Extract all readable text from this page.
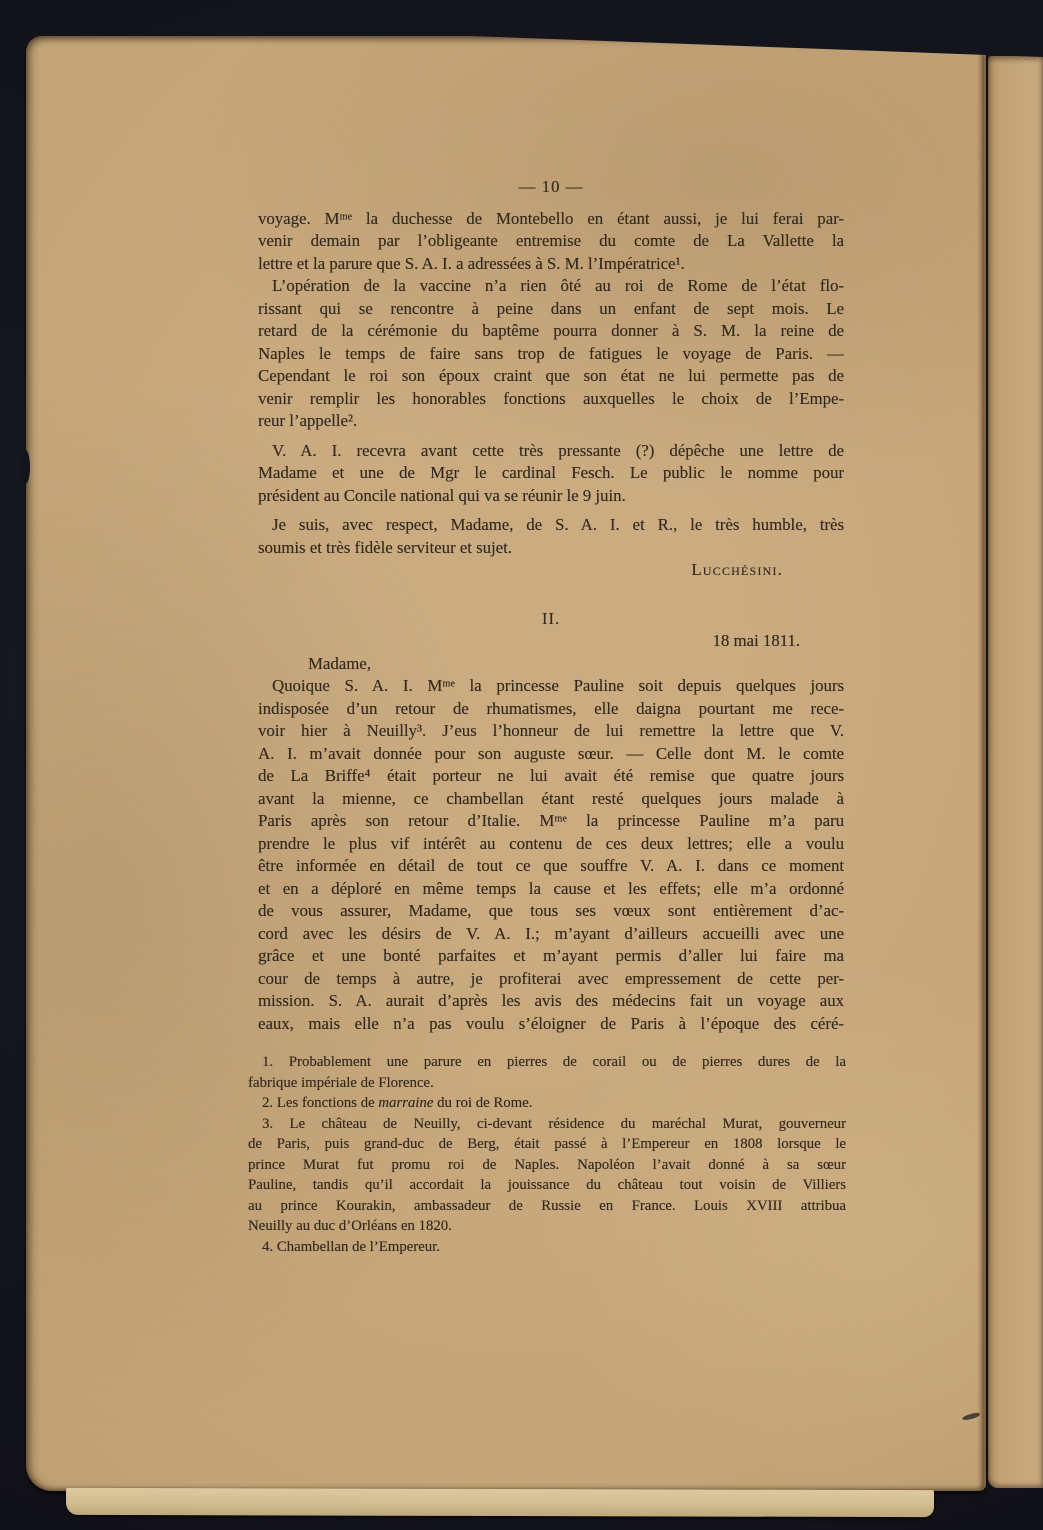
— 10 —
voyage. Mᵐᵉ la duchesse de Montebello en étant aussi, je lui ferai par-
venir demain par l’obligeante entremise du comte de La Vallette la
lettre et la parure que S. A. I. a adressées à S. M. l’Impératrice¹.
L’opération de la vaccine n’a rien ôté au roi de Rome de l’état flo-
rissant qui se rencontre à peine dans un enfant de sept mois. Le
retard de la cérémonie du baptême pourra donner à S. M. la reine de
Naples le temps de faire sans trop de fatigues le voyage de Paris. —
Cependant le roi son époux craint que son état ne lui permette pas de
venir remplir les honorables fonctions auxquelles le choix de l’Empe-
reur l’appelle².
V. A. I. recevra avant cette très pressante (?) dépêche une lettre de
Madame et une de Mgr le cardinal Fesch. Le public le nomme pour
président au Concile national qui va se réunir le 9 juin.
Je suis, avec respect, Madame, de S. A. I. et R., le très humble, très
soumis et très fidèle serviteur et sujet.
Lucchésini.
II.
18 mai 1811.
Madame,
Quoique S. A. I. Mᵐᵉ la princesse Pauline soit depuis quelques jours
indisposée d’un retour de rhumatismes, elle daigna pourtant me rece-
voir hier à Neuilly³. J’eus l’honneur de lui remettre la lettre que V.
A. I. m’avait donnée pour son auguste sœur. — Celle dont M. le comte
de La Briffe⁴ était porteur ne lui avait été remise que quatre jours
avant la mienne, ce chambellan étant resté quelques jours malade à
Paris après son retour d’Italie. Mᵐᵉ la princesse Pauline m’a paru
prendre le plus vif intérêt au contenu de ces deux lettres; elle a voulu
être informée en détail de tout ce que souffre V. A. I. dans ce moment
et en a déploré en même temps la cause et les effets; elle m’a ordonné
de vous assurer, Madame, que tous ses vœux sont entièrement d’ac-
cord avec les désirs de V. A. I.; m’ayant d’ailleurs accueilli avec une
grâce et une bonté parfaites et m’ayant permis d’aller lui faire ma
cour de temps à autre, je profiterai avec empressement de cette per-
mission. S. A. aurait d’après les avis des médecins fait un voyage aux
eaux, mais elle n’a pas voulu s’éloigner de Paris à l’époque des céré-
1. Probablement une parure en pierres de corail ou de pierres dures de la
fabrique impériale de Florence.
2. Les fonctions de marraine du roi de Rome.
3. Le château de Neuilly, ci-devant résidence du maréchal Murat, gouverneur
de Paris, puis grand-duc de Berg, était passé à l’Empereur en 1808 lorsque le
prince Murat fut promu roi de Naples. Napoléon l’avait donné à sa sœur
Pauline, tandis qu’il accordait la jouissance du château tout voisin de Villiers
au prince Kourakin, ambassadeur de Russie en France. Louis XVIII attribua
Neuilly au duc d’Orléans en 1820.
4. Chambellan de l’Empereur.
